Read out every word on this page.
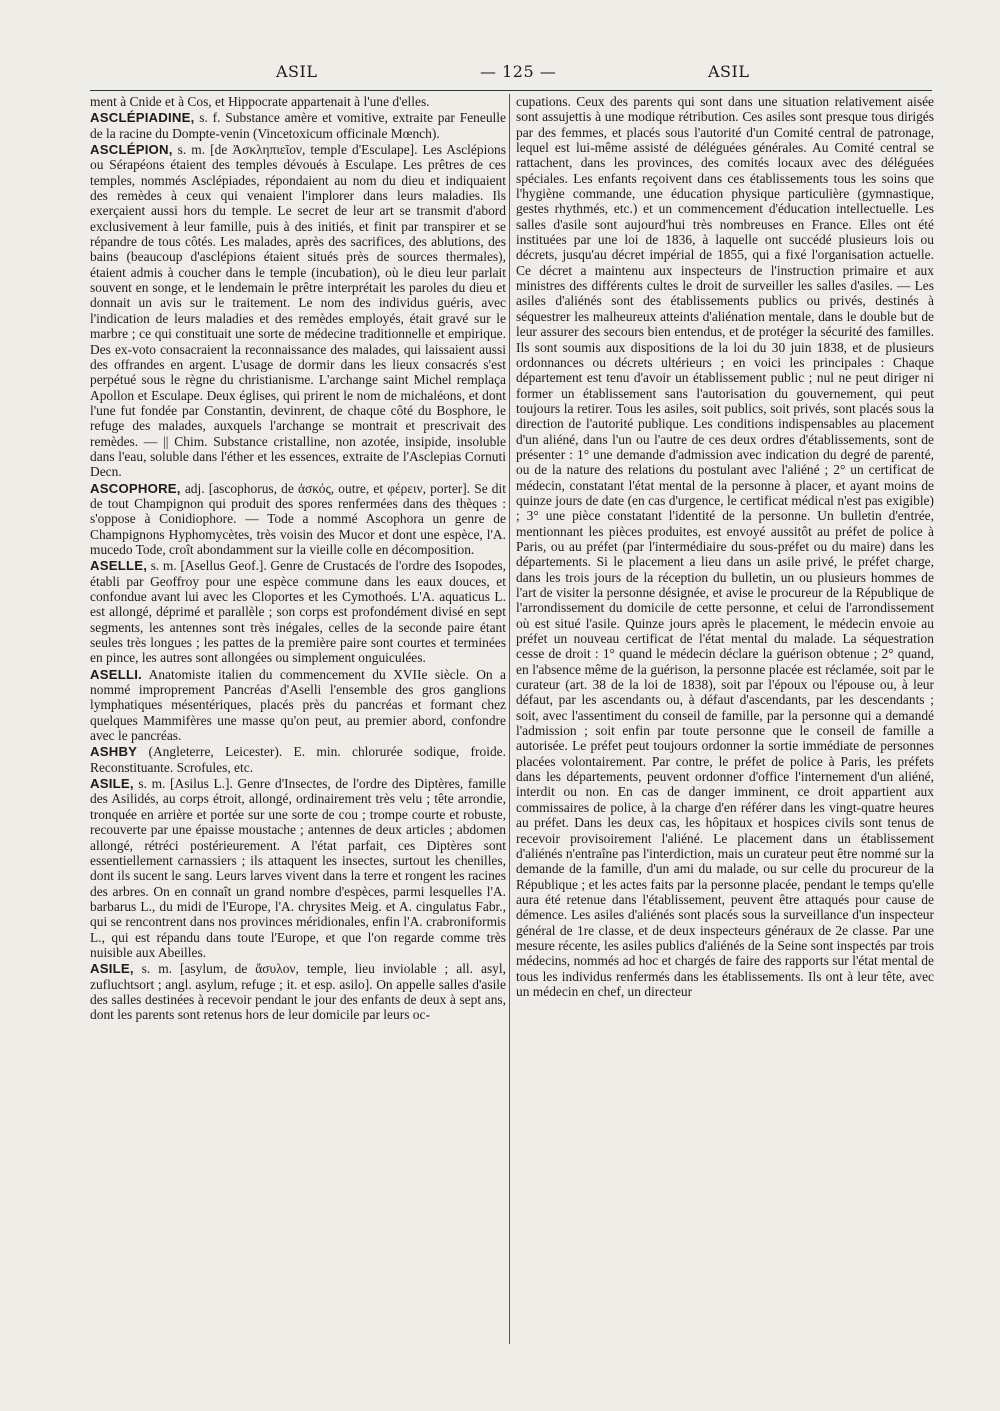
ASIL	— 125 —	ASIL

ment à Cnide et à Cos, et Hippocrate appartenait à l'une d'elles.

ASCLÉPIADINE, s. f. Substance amère et vomitive, extraite par Feneulle de la racine du Dompte-venin (Vincetoxicum officinale Mœnch).

ASCLÉPION, s. m. [de Ἀσκληπιεῖον, temple d'Esculape]. Les Asclépions ou Sérapéons étaient des temples dévoués à Esculape. Les prêtres de ces temples, nommés Asclépiades, répondaient au nom du dieu et indiquaient des remèdes à ceux qui venaient l'implorer dans leurs maladies. Ils exerçaient aussi hors du temple. Le secret de leur art se transmit d'abord exclusivement à leur famille, puis à des initiés, et finit par transpirer et se répandre de tous côtés. Les malades, après des sacrifices, des ablutions, des bains (beaucoup d'asclépions étaient situés près de sources thermales), étaient admis à coucher dans le temple (incubation), où le dieu leur parlait souvent en songe, et le lendemain le prêtre interprétait les paroles du dieu et donnait un avis sur le traitement. Le nom des individus guéris, avec l'indication de leurs maladies et des remèdes employés, était gravé sur le marbre ; ce qui constituait une sorte de médecine traditionnelle et empirique. Des ex-voto consacraient la reconnaissance des malades, qui laissaient aussi des offrandes en argent. L'usage de dormir dans les lieux consacrés s'est perpétué sous le règne du christianisme. L'archange saint Michel remplaça Apollon et Esculape. Deux églises, qui prirent le nom de michaléons, et dont l'une fut fondée par Constantin, devinrent, de chaque côté du Bosphore, le refuge des malades, auxquels l'archange se montrait et prescrivait des remèdes. — || Chim. Substance cristalline, non azotée, insipide, insoluble dans l'eau, soluble dans l'éther et les essences, extraite de l'Asclepias Cornuti Decn.

ASCOPHORE, adj. [ascophorus, de ἀσκός, outre, et φέρειν, porter]. Se dit de tout Champignon qui produit des spores renfermées dans des thèques : s'oppose à Conidiophore. — Tode a nommé Ascophora un genre de Champignons Hyphomycètes, très voisin des Mucor et dont une espèce, l'A. mucedo Tode, croît abondamment sur la vieille colle en décomposition.

ASELLE, s. m. [Asellus Geof.]. Genre de Crustacés de l'ordre des Isopodes, établi par Geoffroy pour une espèce commune dans les eaux douces, et confondue avant lui avec les Cloportes et les Cymothoés. L'A. aquaticus L. est allongé, déprimé et parallèle ; son corps est profondément divisé en sept segments, les antennes sont très inégales, celles de la seconde paire étant seules très longues ; les pattes de la première paire sont courtes et terminées en pince, les autres sont allongées ou simplement onguiculées.

ASELLI. Anatomiste italien du commencement du XVIIe siècle. On a nommé improprement Pancréas d'Aselli l'ensemble des gros ganglions lymphatiques mésentériques, placés près du pancréas et formant chez quelques Mammifères une masse qu'on peut, au premier abord, confondre avec le pancréas.

ASHBY (Angleterre, Leicester). E. min. chlorurée sodique, froide. Reconstituante. Scrofules, etc.

ASILE, s. m. [Asilus L.]. Genre d'Insectes, de l'ordre des Diptères, famille des Asilidés, au corps étroit, allongé, ordinairement très velu ; tête arrondie, tronquée en arrière et portée sur une sorte de cou ; trompe courte et robuste, recouverte par une épaisse moustache ; antennes de deux articles ; abdomen allongé, rétréci postérieurement. A l'état parfait, ces Diptères sont essentiellement carnassiers ; ils attaquent les insectes, surtout les chenilles, dont ils sucent le sang. Leurs larves vivent dans la terre et rongent les racines des arbres. On en connaît un grand nombre d'espèces, parmi lesquelles l'A. barbarus L., du midi de l'Europe, l'A. chrysites Meig. et A. cingulatus Fabr., qui se rencontrent dans nos provinces méridionales, enfin l'A. crabroniformis L., qui est répandu dans toute l'Europe, et que l'on regarde comme très nuisible aux Abeilles.

ASILE, s. m. [asylum, de ἄσυλον, temple, lieu inviolable ; all. asyl, zufluchtsort ; angl. asylum, refuge ; it. et esp. asilo]. On appelle salles d'asile des salles destinées à recevoir pendant le jour des enfants de deux à sept ans, dont les parents sont retenus hors de leur domicile par leurs oc-

cupations. Ceux des parents qui sont dans une situation relativement aisée sont assujettis à une modique rétribution. Ces asiles sont presque tous dirigés par des femmes, et placés sous l'autorité d'un Comité central de patronage, lequel est lui-même assisté de déléguées générales. Au Comité central se rattachent, dans les provinces, des comités locaux avec des déléguées spéciales. Les enfants reçoivent dans ces établissements tous les soins que l'hygiène commande, une éducation physique particulière (gymnastique, gestes rhythmés, etc.) et un commencement d'éducation intellectuelle. Les salles d'asile sont aujourd'hui très nombreuses en France. Elles ont été instituées par une loi de 1836, à laquelle ont succédé plusieurs lois ou décrets, jusqu'au décret impérial de 1855, qui a fixé l'organisation actuelle. Ce décret a maintenu aux inspecteurs de l'instruction primaire et aux ministres des différents cultes le droit de surveiller les salles d'asiles. — Les asiles d'aliénés sont des établissements publics ou privés, destinés à séquestrer les malheureux atteints d'aliénation mentale, dans le double but de leur assurer des secours bien entendus, et de protéger la sécurité des familles. Ils sont soumis aux dispositions de la loi du 30 juin 1838, et de plusieurs ordonnances ou décrets ultérieurs ; en voici les principales : Chaque département est tenu d'avoir un établissement public ; nul ne peut diriger ni former un établissement sans l'autorisation du gouvernement, qui peut toujours la retirer. Tous les asiles, soit publics, soit privés, sont placés sous la direction de l'autorité publique. Les conditions indispensables au placement d'un aliéné, dans l'un ou l'autre de ces deux ordres d'établissements, sont de présenter : 1° une demande d'admission avec indication du degré de parenté, ou de la nature des relations du postulant avec l'aliéné ; 2° un certificat de médecin, constatant l'état mental de la personne à placer, et ayant moins de quinze jours de date (en cas d'urgence, le certificat médical n'est pas exigible) ; 3° une pièce constatant l'identité de la personne. Un bulletin d'entrée, mentionnant les pièces produites, est envoyé aussitôt au préfet de police à Paris, ou au préfet (par l'intermédiaire du sous-préfet ou du maire) dans les départements. Si le placement a lieu dans un asile privé, le préfet charge, dans les trois jours de la réception du bulletin, un ou plusieurs hommes de l'art de visiter la personne désignée, et avise le procureur de la République de l'arrondissement du domicile de cette personne, et celui de l'arrondissement où est situé l'asile. Quinze jours après le placement, le médecin envoie au préfet un nouveau certificat de l'état mental du malade. La séquestration cesse de droit : 1° quand le médecin déclare la guérison obtenue ; 2° quand, en l'absence même de la guérison, la personne placée est réclamée, soit par le curateur (art. 38 de la loi de 1838), soit par l'époux ou l'épouse ou, à leur défaut, par les ascendants ou, à défaut d'ascendants, par les descendants ; soit, avec l'assentiment du conseil de famille, par la personne qui a demandé l'admission ; soit enfin par toute personne que le conseil de famille a autorisée. Le préfet peut toujours ordonner la sortie immédiate de personnes placées volontairement. Par contre, le préfet de police à Paris, les préfets dans les départements, peuvent ordonner d'office l'internement d'un aliéné, interdit ou non. En cas de danger imminent, ce droit appartient aux commissaires de police, à la charge d'en référer dans les vingt-quatre heures au préfet. Dans les deux cas, les hôpitaux et hospices civils sont tenus de recevoir provisoirement l'aliéné. Le placement dans un établissement d'aliénés n'entraîne pas l'interdiction, mais un curateur peut être nommé sur la demande de la famille, d'un ami du malade, ou sur celle du procureur de la République ; et les actes faits par la personne placée, pendant le temps qu'elle aura été retenue dans l'établissement, peuvent être attaqués pour cause de démence. Les asiles d'aliénés sont placés sous la surveillance d'un inspecteur général de 1re classe, et de deux inspecteurs généraux de 2e classe. Par une mesure récente, les asiles publics d'aliénés de la Seine sont inspectés par trois médecins, nommés ad hoc et chargés de faire des rapports sur l'état mental de tous les individus renfermés dans les établissements. Ils ont à leur tête, avec un médecin en chef, un directeur
